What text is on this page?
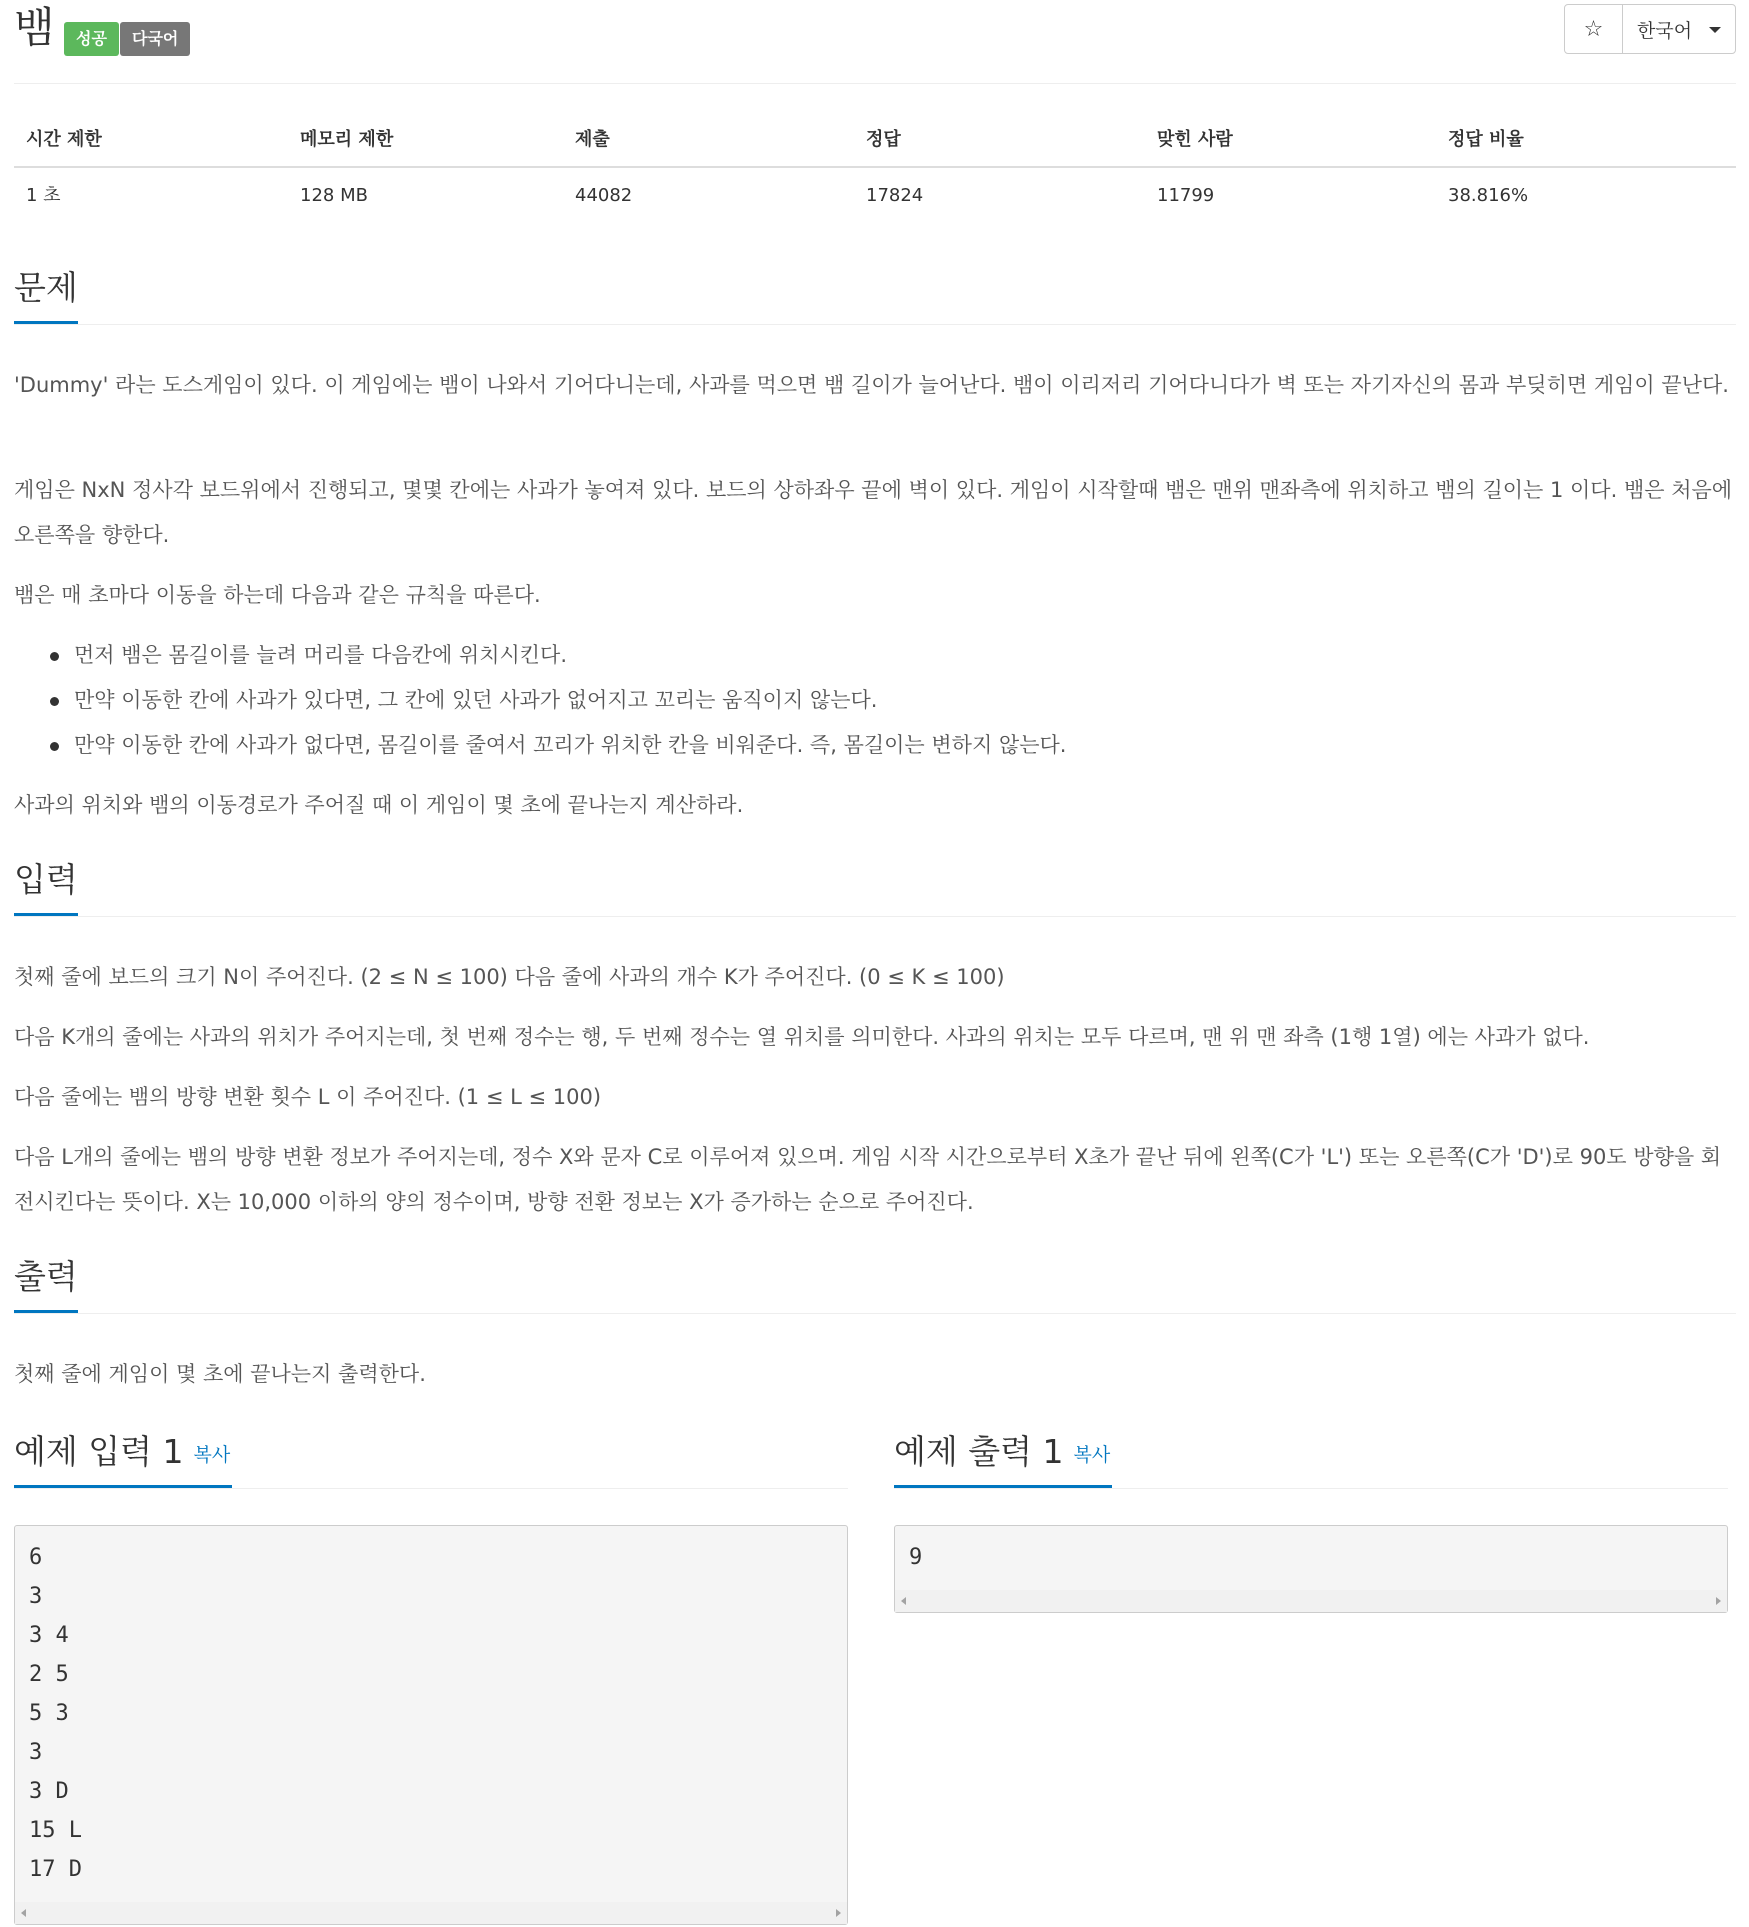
뱀	성공	다국어	☆ 한국어
시간 제한	메모리 제한	제출	정답	맞힌 사람	정답 비율
1 초	128 MB	44082	17824	11799	38.816%
문제

'Dummy' 라는 도스게임이 있다. 이 게임에는 뱀이 나와서 기어다니는데, 사과를 먹으면 뱀 길이가 늘어난다. 뱀이 이리저리 기어다니다가 벽 또는 자기자신의 몸과 부딪히면 게임이 끝난다.

게임은 NxN 정사각 보드위에서 진행되고, 몇몇 칸에는 사과가 놓여져 있다. 보드의 상하좌우 끝에 벽이 있다. 게임이 시작할때 뱀은 맨위 맨좌측에 위치하고 뱀의 길이는 1 이다. 뱀은 처음에 오른쪽을 향한다.

뱀은 매 초마다 이동을 하는데 다음과 같은 규칙을 따른다.

먼저 뱀은 몸길이를 늘려 머리를 다음칸에 위치시킨다.
만약 이동한 칸에 사과가 있다면, 그 칸에 있던 사과가 없어지고 꼬리는 움직이지 않는다.
만약 이동한 칸에 사과가 없다면, 몸길이를 줄여서 꼬리가 위치한 칸을 비워준다. 즉, 몸길이는 변하지 않는다.

사과의 위치와 뱀의 이동경로가 주어질 때 이 게임이 몇 초에 끝나는지 계산하라.

입력

첫째 줄에 보드의 크기 N이 주어진다. (2 ≤ N ≤ 100) 다음 줄에 사과의 개수 K가 주어진다. (0 ≤ K ≤ 100)

다음 K개의 줄에는 사과의 위치가 주어지는데, 첫 번째 정수는 행, 두 번째 정수는 열 위치를 의미한다. 사과의 위치는 모두 다르며, 맨 위 맨 좌측 (1행 1열) 에는 사과가 없다.

다음 줄에는 뱀의 방향 변환 횟수 L 이 주어진다. (1 ≤ L ≤ 100)

다음 L개의 줄에는 뱀의 방향 변환 정보가 주어지는데, 정수 X와 문자 C로 이루어져 있으며. 게임 시작 시간으로부터 X초가 끝난 뒤에 왼쪽(C가 'L') 또는 오른쪽(C가 'D')로 90도 방향을 회전시킨다는 뜻이다. X는 10,000 이하의 양의 정수이며, 방향 전환 정보는 X가 증가하는 순으로 주어진다.

출력

첫째 줄에 게임이 몇 초에 끝나는지 출력한다.

예제 입력 1 복사
6
3
3 4
2 5
5 3
3
3 D
15 L
17 D
예제 출력 1 복사
9
